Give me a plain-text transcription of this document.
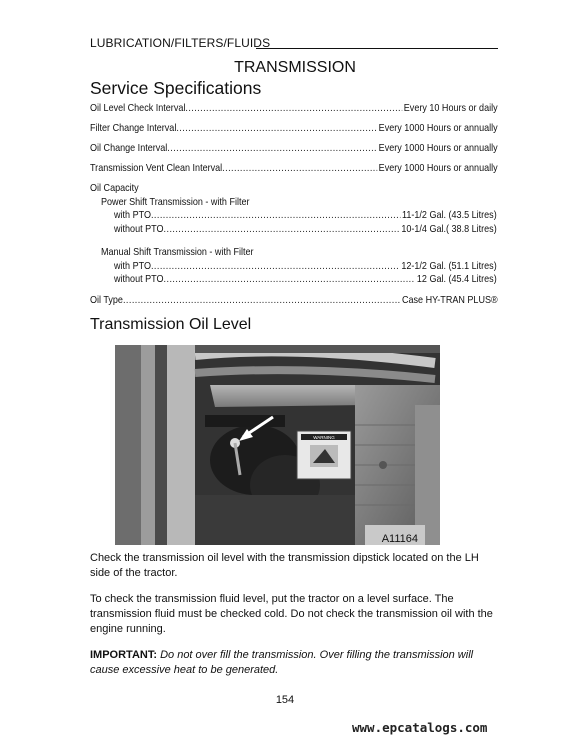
LUBRICATION/FILTERS/FLUIDS
TRANSMISSION
Service Specifications
Oil Level Check Interval . . .	Every 10 Hours or daily
Filter Change Interval . . .	Every 1000 Hours or annually
Oil Change Interval . . .	Every 1000 Hours or annually
Transmission Vent Clean Interval . . .	Every 1000 Hours or annually
Oil Capacity
Power Shift Transmission - with Filter
with PTO . . .	11-1/2 Gal. (43.5 Litres)
without PTO . . .	10-1/4 Gal.( 38.8 Litres)
Manual Shift Transmission - with Filter
with PTO . . .	12-1/2 Gal. (51.1 Litres)
without PTO . . .	12 Gal. (45.4 Litres)
Oil Type . . .	Case HY-TRAN PLUS®
Transmission Oil Level
WARNING
A11164
Check the transmission oil level with the transmission dipstick located on the LH side of the tractor.
To check the transmission fluid level, put the tractor on a level surface. The transmission fluid must be checked cold. Do not check the transmission oil with the engine running.
IMPORTANT: Do not over fill the transmission. Over filling the transmission will cause excessive heat to be generated.
154
www.epcatalogs.com
